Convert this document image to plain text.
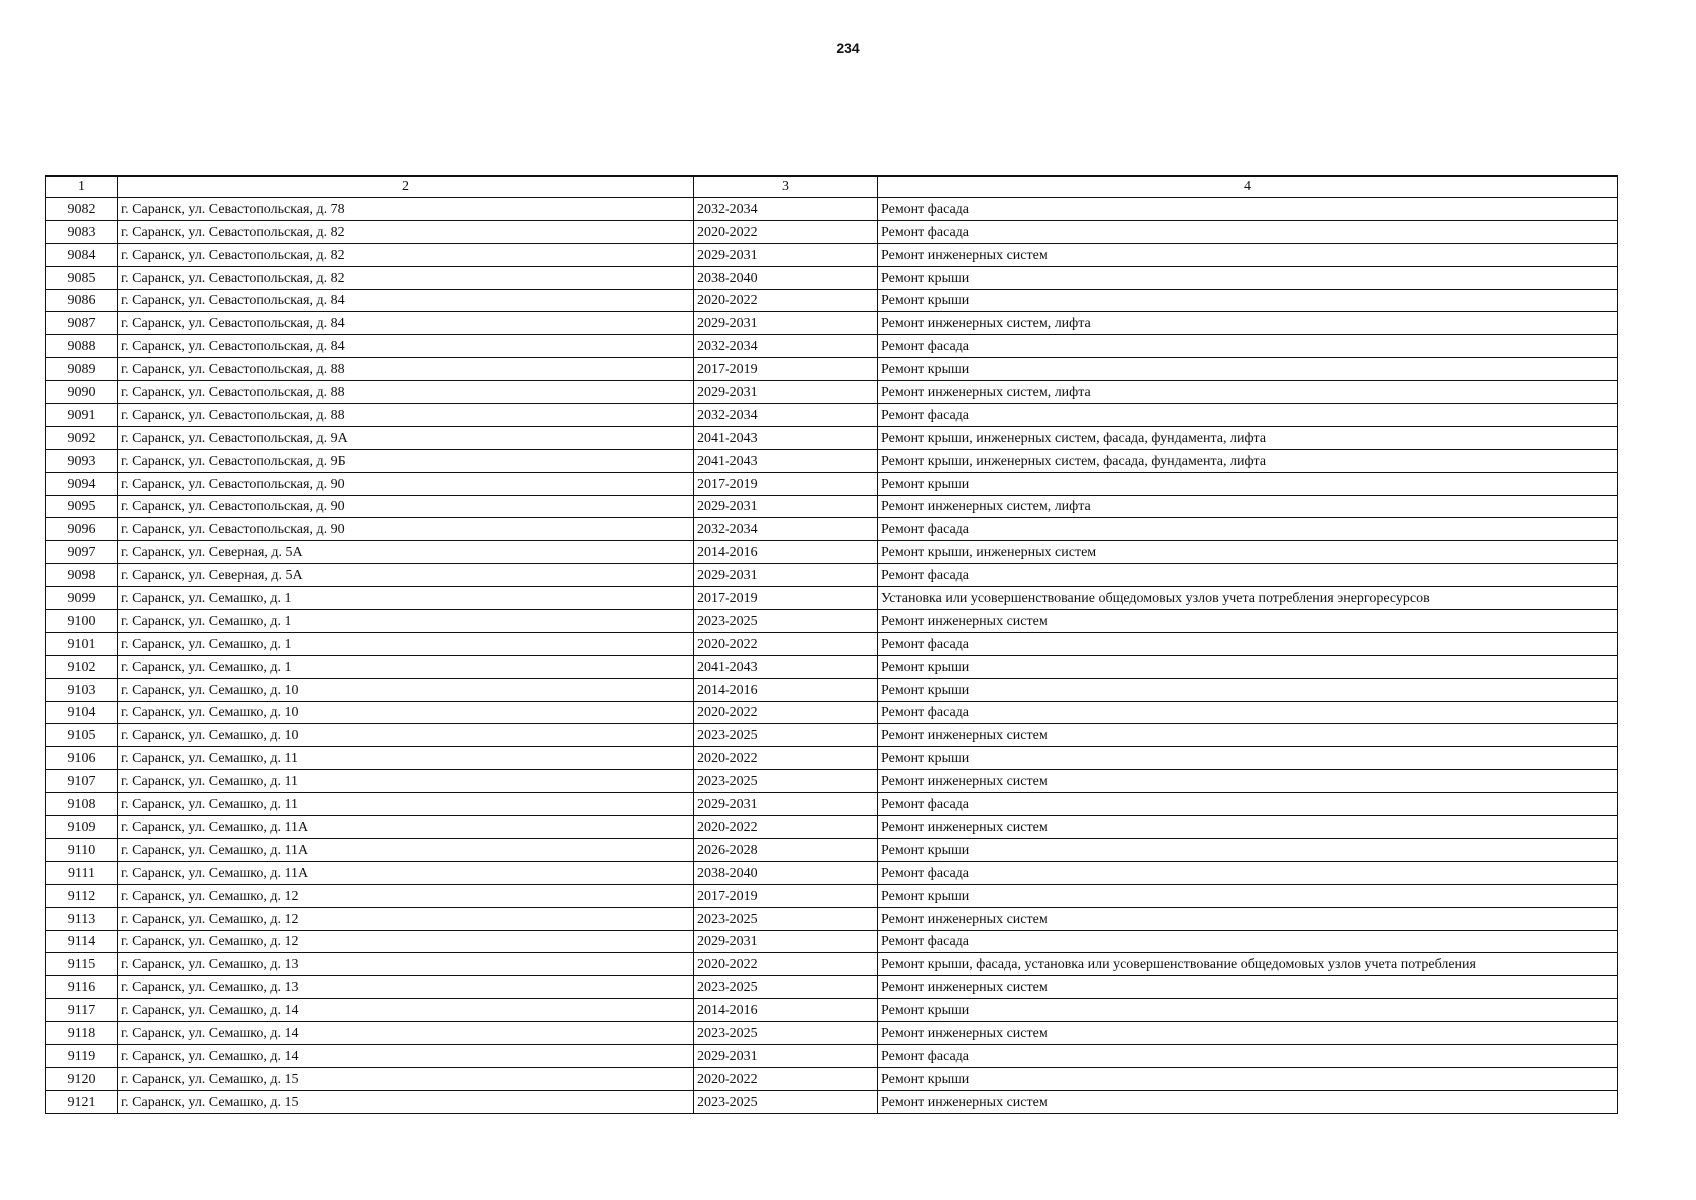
234
1	2	3	4
9082	г. Саранск, ул. Севастопольская, д. 78	2032-2034	Ремонт фасада
9083	г. Саранск, ул. Севастопольская, д. 82	2020-2022	Ремонт фасада
9084	г. Саранск, ул. Севастопольская, д. 82	2029-2031	Ремонт инженерных систем
9085	г. Саранск, ул. Севастопольская, д. 82	2038-2040	Ремонт крыши
9086	г. Саранск, ул. Севастопольская, д. 84	2020-2022	Ремонт крыши
9087	г. Саранск, ул. Севастопольская, д. 84	2029-2031	Ремонт инженерных систем, лифта
9088	г. Саранск, ул. Севастопольская, д. 84	2032-2034	Ремонт фасада
9089	г. Саранск, ул. Севастопольская, д. 88	2017-2019	Ремонт крыши
9090	г. Саранск, ул. Севастопольская, д. 88	2029-2031	Ремонт инженерных систем, лифта
9091	г. Саранск, ул. Севастопольская, д. 88	2032-2034	Ремонт фасада
9092	г. Саранск, ул. Севастопольская, д. 9А	2041-2043	Ремонт крыши, инженерных систем, фасада, фундамента, лифта
9093	г. Саранск, ул. Севастопольская, д. 9Б	2041-2043	Ремонт крыши, инженерных систем, фасада, фундамента, лифта
9094	г. Саранск, ул. Севастопольская, д. 90	2017-2019	Ремонт крыши
9095	г. Саранск, ул. Севастопольская, д. 90	2029-2031	Ремонт инженерных систем, лифта
9096	г. Саранск, ул. Севастопольская, д. 90	2032-2034	Ремонт фасада
9097	г. Саранск, ул. Северная, д. 5А	2014-2016	Ремонт крыши, инженерных систем
9098	г. Саранск, ул. Северная, д. 5А	2029-2031	Ремонт фасада
9099	г. Саранск, ул. Семашко, д. 1	2017-2019	Установка или усовершенствование общедомовых узлов учета потребления энергоресурсов
9100	г. Саранск, ул. Семашко, д. 1	2023-2025	Ремонт инженерных систем
9101	г. Саранск, ул. Семашко, д. 1	2020-2022	Ремонт фасада
9102	г. Саранск, ул. Семашко, д. 1	2041-2043	Ремонт крыши
9103	г. Саранск, ул. Семашко, д. 10	2014-2016	Ремонт крыши
9104	г. Саранск, ул. Семашко, д. 10	2020-2022	Ремонт фасада
9105	г. Саранск, ул. Семашко, д. 10	2023-2025	Ремонт инженерных систем
9106	г. Саранск, ул. Семашко, д. 11	2020-2022	Ремонт крыши
9107	г. Саранск, ул. Семашко, д. 11	2023-2025	Ремонт инженерных систем
9108	г. Саранск, ул. Семашко, д. 11	2029-2031	Ремонт фасада
9109	г. Саранск, ул. Семашко, д. 11А	2020-2022	Ремонт инженерных систем
9110	г. Саранск, ул. Семашко, д. 11А	2026-2028	Ремонт крыши
9111	г. Саранск, ул. Семашко, д. 11А	2038-2040	Ремонт фасада
9112	г. Саранск, ул. Семашко, д. 12	2017-2019	Ремонт крыши
9113	г. Саранск, ул. Семашко, д. 12	2023-2025	Ремонт инженерных систем
9114	г. Саранск, ул. Семашко, д. 12	2029-2031	Ремонт фасада
9115	г. Саранск, ул. Семашко, д. 13	2020-2022	Ремонт крыши, фасада, установка или усовершенствование общедомовых узлов учета потребления
9116	г. Саранск, ул. Семашко, д. 13	2023-2025	Ремонт инженерных систем
9117	г. Саранск, ул. Семашко, д. 14	2014-2016	Ремонт крыши
9118	г. Саранск, ул. Семашко, д. 14	2023-2025	Ремонт инженерных систем
9119	г. Саранск, ул. Семашко, д. 14	2029-2031	Ремонт фасада
9120	г. Саранск, ул. Семашко, д. 15	2020-2022	Ремонт крыши
9121	г. Саранск, ул. Семашко, д. 15	2023-2025	Ремонт инженерных систем
